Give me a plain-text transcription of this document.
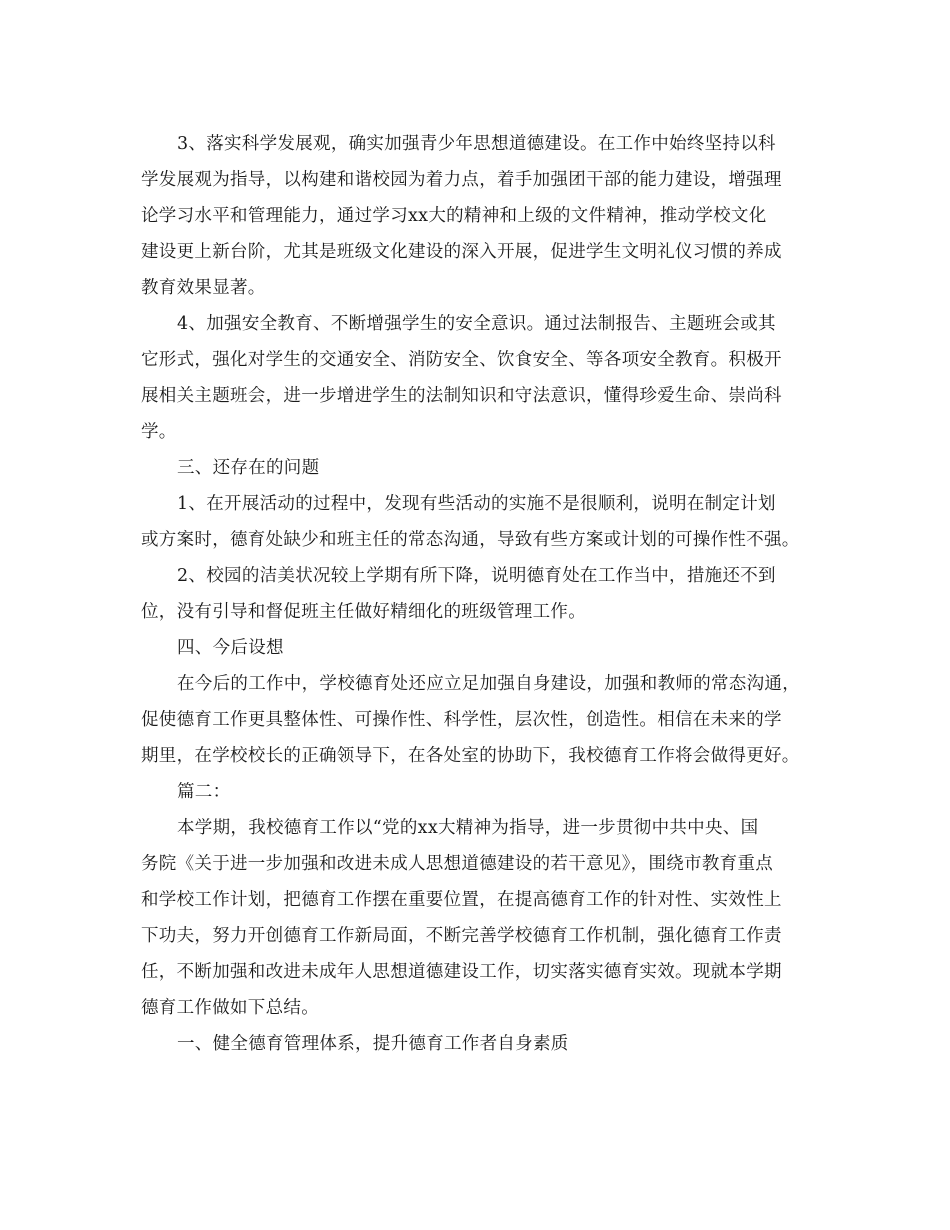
3、落实科学发展观，确实加强青少年思想道德建设。在工作中始终坚持以科
学发展观为指导，以构建和谐校园为着力点，着手加强团干部的能力建设，增强理
论学习水平和管理能力，通过学习xx大的精神和上级的文件精神，推动学校文化
建设更上新台阶，尤其是班级文化建设的深入开展，促进学生文明礼仪习惯的养成
教育效果显著。
4、加强安全教育、不断增强学生的安全意识。通过法制报告、主题班会或其
它形式，强化对学生的交通安全、消防安全、饮食安全、等各项安全教育。积极开
展相关主题班会，进一步增进学生的法制知识和守法意识，懂得珍爱生命、崇尚科
学。
三、还存在的问题
1、在开展活动的过程中，发现有些活动的实施不是很顺利，说明在制定计划
或方案时，德育处缺少和班主任的常态沟通，导致有些方案或计划的可操作性不强。
2、校园的洁美状况较上学期有所下降，说明德育处在工作当中，措施还不到
位，没有引导和督促班主任做好精细化的班级管理工作。
四、今后设想
在今后的工作中，学校德育处还应立足加强自身建设，加强和教师的常态沟通，
促使德育工作更具整体性、可操作性、科学性，层次性，创造性。相信在未来的学
期里，在学校校长的正确领导下，在各处室的协助下，我校德育工作将会做得更好。
篇二：
本学期，我校德育工作以“党的xx大精神为指导，进一步贯彻中共中央、国
务院《关于进一步加强和改进未成人思想道德建设的若干意见》，围绕市教育重点
和学校工作计划，把德育工作摆在重要位置，在提高德育工作的针对性、实效性上
下功夫，努力开创德育工作新局面，不断完善学校德育工作机制，强化德育工作责
任，不断加强和改进未成年人思想道德建设工作，切实落实德育实效。现就本学期
德育工作做如下总结。
一、健全德育管理体系，提升德育工作者自身素质
